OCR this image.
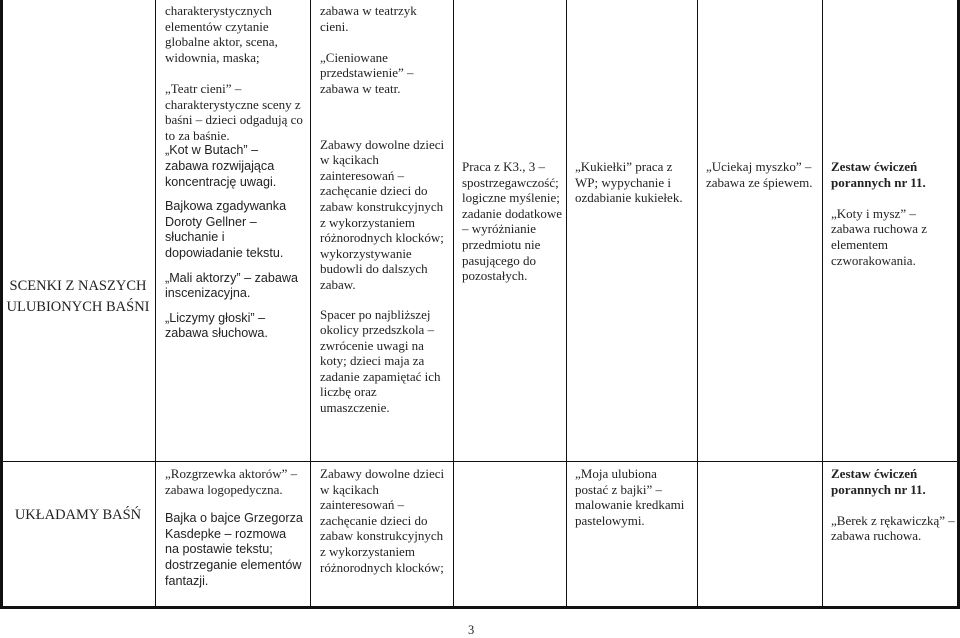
SCENKI Z NASZYCH ULUBIONYCH BAŚNI

charakterystycznych elementów czytanie globalne aktor, scena, widownia, maska;

„Teatr cieni” – charakterystyczne sceny z baśni – dzieci odgadują co to za baśnie.

„Kot w Butach” – zabawa rozwijająca koncentrację uwagi.

Bajkowa zgadywanka Doroty Gellner – słuchanie i dopowiadanie tekstu.

„Mali aktorzy” – zabawa inscenizacyjna.

„Liczymy głoski” – zabawa słuchowa.

zabawa w teatrzyk cieni.

„Cieniowane przedstawienie” – zabawa w teatr.

Zabawy dowolne dzieci w kącikach zainteresowań – zachęcanie dzieci do zabaw konstrukcyjnych z wykorzystaniem różnorodnych klocków; wykorzystywanie budowli do dalszych zabaw.

Spacer po najbliższej okolicy przedszkola – zwrócenie uwagi na koty; dzieci maja za zadanie zapamiętać ich liczbę oraz umaszczenie.

Praca z K3., 3 – spostrzegawczość; logiczne myślenie; zadanie dodatkowe – wyróżnianie przedmiotu nie pasującego do pozostałych.

„Kukiełki” praca z WP; wypychanie i ozdabianie kukiełek.

„Uciekaj myszko” – zabawa ze śpiewem.

Zestaw ćwiczeń porannych nr 11.

„Koty i mysz” – zabawa ruchowa z elementem czworakowania.

UKŁADAMY BAŚŃ

„Rozgrzewka aktorów” – zabawa logopedyczna.

Bajka o bajce Grzegorza Kasdepke – rozmowa na postawie tekstu; dostrzeganie elementów fantazji.

Zabawy dowolne dzieci w kącikach zainteresowań – zachęcanie dzieci do zabaw konstrukcyjnych z wykorzystaniem różnorodnych klocków;

„Moja ulubiona postać z bajki” – malowanie kredkami pastelowymi.

Zestaw ćwiczeń porannych nr 11.

„Berek z rękawiczką” – zabawa ruchowa.

3
